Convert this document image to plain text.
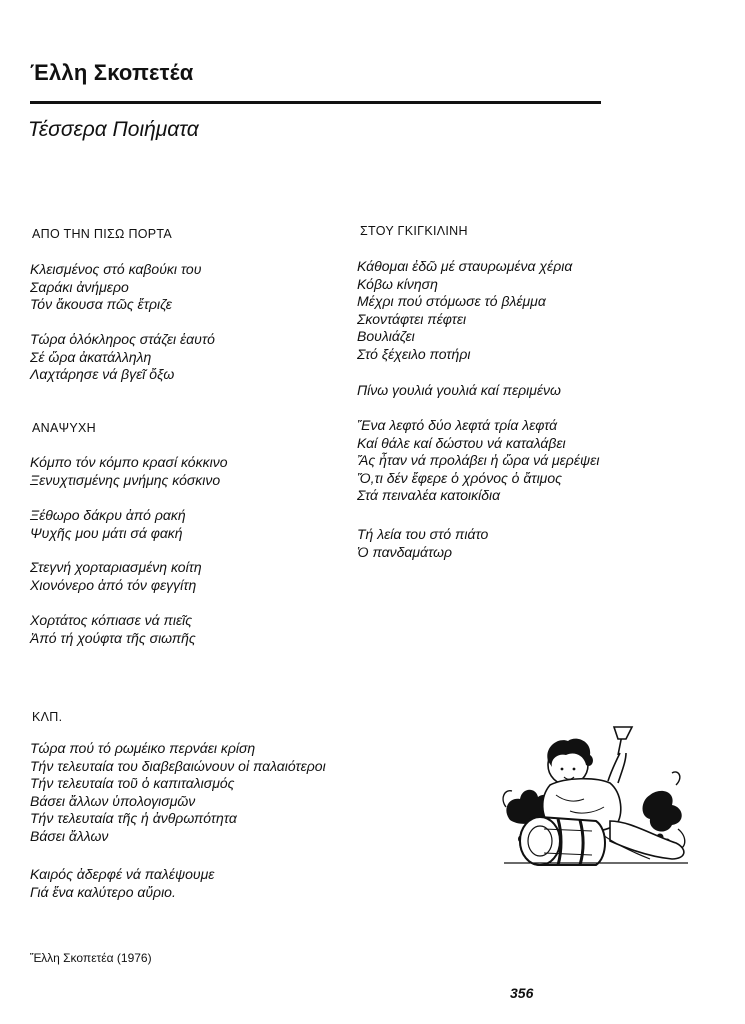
Έλλη Σκοπετέα
Τέσσερα Ποιήματα
ΑΠΟ ΤΗΝ ΠΙΣΩ ΠΟΡΤΑ
Κλεισμένος στό καβούκι του
Σαράκι ἀνήμερο
Τόν ἄκουσα πῶς ἔτριζε
Τώρα ὁλόκληρος στάζει ἑαυτό
Σέ ὥρα ἀκατάλληλη
Λαχτάρησε νά βγεῖ ὄξω
ΑΝΑΨΥΧΗ
Κόμπο τόν κόμπο κρασί κόκκινο
Ξενυχτισμένης μνήμης κόσκινο
Ξέθωρο δάκρυ ἀπό ρακή
Ψυχῆς μου μάτι σά φακή
Στεγνή χορταριασμένη κοίτη
Χιονόνερο ἀπό τόν φεγγίτη
Χορτάτος κόπιασε νά πιεῖς
Ἀπό τή χούφτα τῆς σιωπῆς
ΣΤΟΥ ΓΚΙΓΚΙΛΙΝΗ
Κάθομαι ἐδῶ μέ σταυρωμένα χέρια
Κόβω κίνηση
Μέχρι πού στόμωσε τό βλέμμα
Σκοντάφτει πέφτει
Βουλιάζει
Στό ξέχειλο ποτήρι
Πίνω γουλιά γουλιά καί περιμένω
Ἕνα λεφτό δύο λεφτά τρία λεφτά
Καί θάλε καί δώστου νά καταλάβει
Ἄς ἦταν νά προλάβει ἡ ὥρα νά μερέψει
Ὅ,τι δέν ἔφερε ὁ χρόνος ὁ ἄτιμος
Στά πειναλέα κατοικίδια
Τή λεία του στό πιάτο
Ὁ πανδαμάτωρ
ΚΛΠ.
Τώρα πού τό ρωμέικο περνάει κρίση
Τήν τελευταία του διαβεβαιώνουν οἱ παλαιότεροι
Τήν τελευταία τοῦ ὁ καπιταλισμός
Βάσει ἄλλων ὑπολογισμῶν
Τήν τελευταία τῆς ἡ ἀνθρωπότητα
Βάσει ἄλλων
Καιρός ἀδερφέ νά παλέψουμε
Γιά ἕνα καλύτερο αὔριο.
Ἔλλη Σκοπετέα (1976)
356
